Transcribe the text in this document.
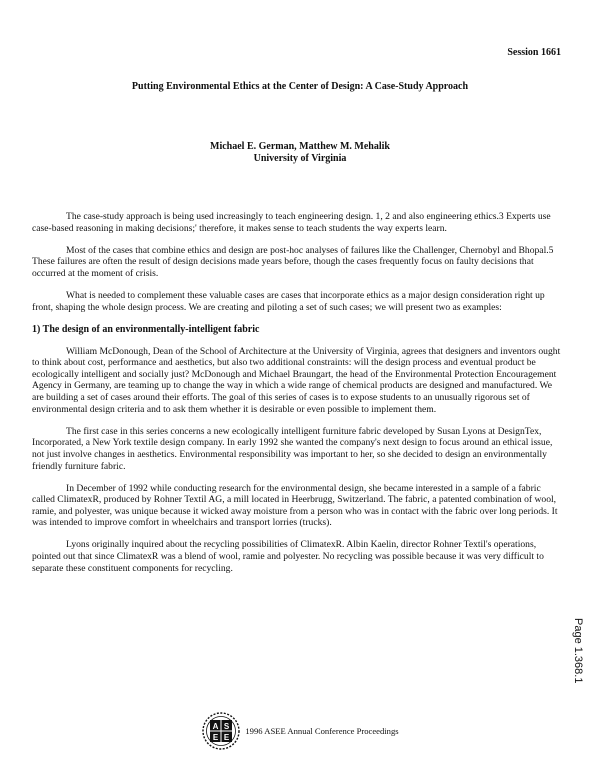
Session 1661
Putting Environmental Ethics at the Center of Design: A Case-Study Approach
Michael E. German, Matthew M. Mehalik
University of Virginia

The case-study approach is being used increasingly to teach engineering design. 1, 2 and also engineering ethics.3 Experts use case-based reasoning in making decisions;' therefore, it makes sense to teach students the way experts learn.

Most of the cases that combine ethics and design are post-hoc analyses of failures like the Challenger, Chernobyl and Bhopal.5 These failures are often the result of design decisions made years before, though the cases frequently focus on faulty decisions that occurred at the moment of crisis.

What is needed to complement these valuable cases are cases that incorporate ethics as a major design consideration right up front, shaping the whole design process. We are creating and piloting a set of such cases; we will present two as examples:

1) The design of an environmentally-intelligent fabric

William McDonough, Dean of the School of Architecture at the University of Virginia, agrees that designers and inventors ought to think about cost, performance and aesthetics, but also two additional constraints: will the design process and eventual product be ecologically intelligent and socially just? McDonough and Michael Braungart, the head of the Environmental Protection Encouragement Agency in Germany, are teaming up to change the way in which a wide range of chemical products are designed and manufactured. We are building a set of cases around their efforts. The goal of this series of cases is to expose students to an unusually rigorous set of environmental design criteria and to ask them whether it is desirable or even possible to implement them.

The first case in this series concerns a new ecologically intelligent furniture fabric developed by Susan Lyons at DesignTex, Incorporated, a New York textile design company. In early 1992 she wanted the company's next design to focus around an ethical issue, not just involve changes in aesthetics. Environmental responsibility was important to her, so she decided to design an environmentally friendly furniture fabric.

In December of 1992 while conducting research for the environmental design, she became interested in a sample of a fabric called ClimatexR, produced by Rohner Textil AG, a mill located in Heerbrugg, Switzerland. The fabric, a patented combination of wool, ramie, and polyester, was unique because it wicked away moisture from a person who was in contact with the fabric over long periods. It was intended to improve comfort in wheelchairs and transport lorries (trucks).

Lyons originally inquired about the recycling possibilities of ClimatexR. Albin Kaelin, director Rohner Textil's operations, pointed out that since ClimatexR was a blend of wool, ramie and polyester. No recycling was possible because it was very difficult to separate these constituent components for recycling.

A S
E E
1996 ASEE Annual Conference Proceedings
Page 1.368.1
